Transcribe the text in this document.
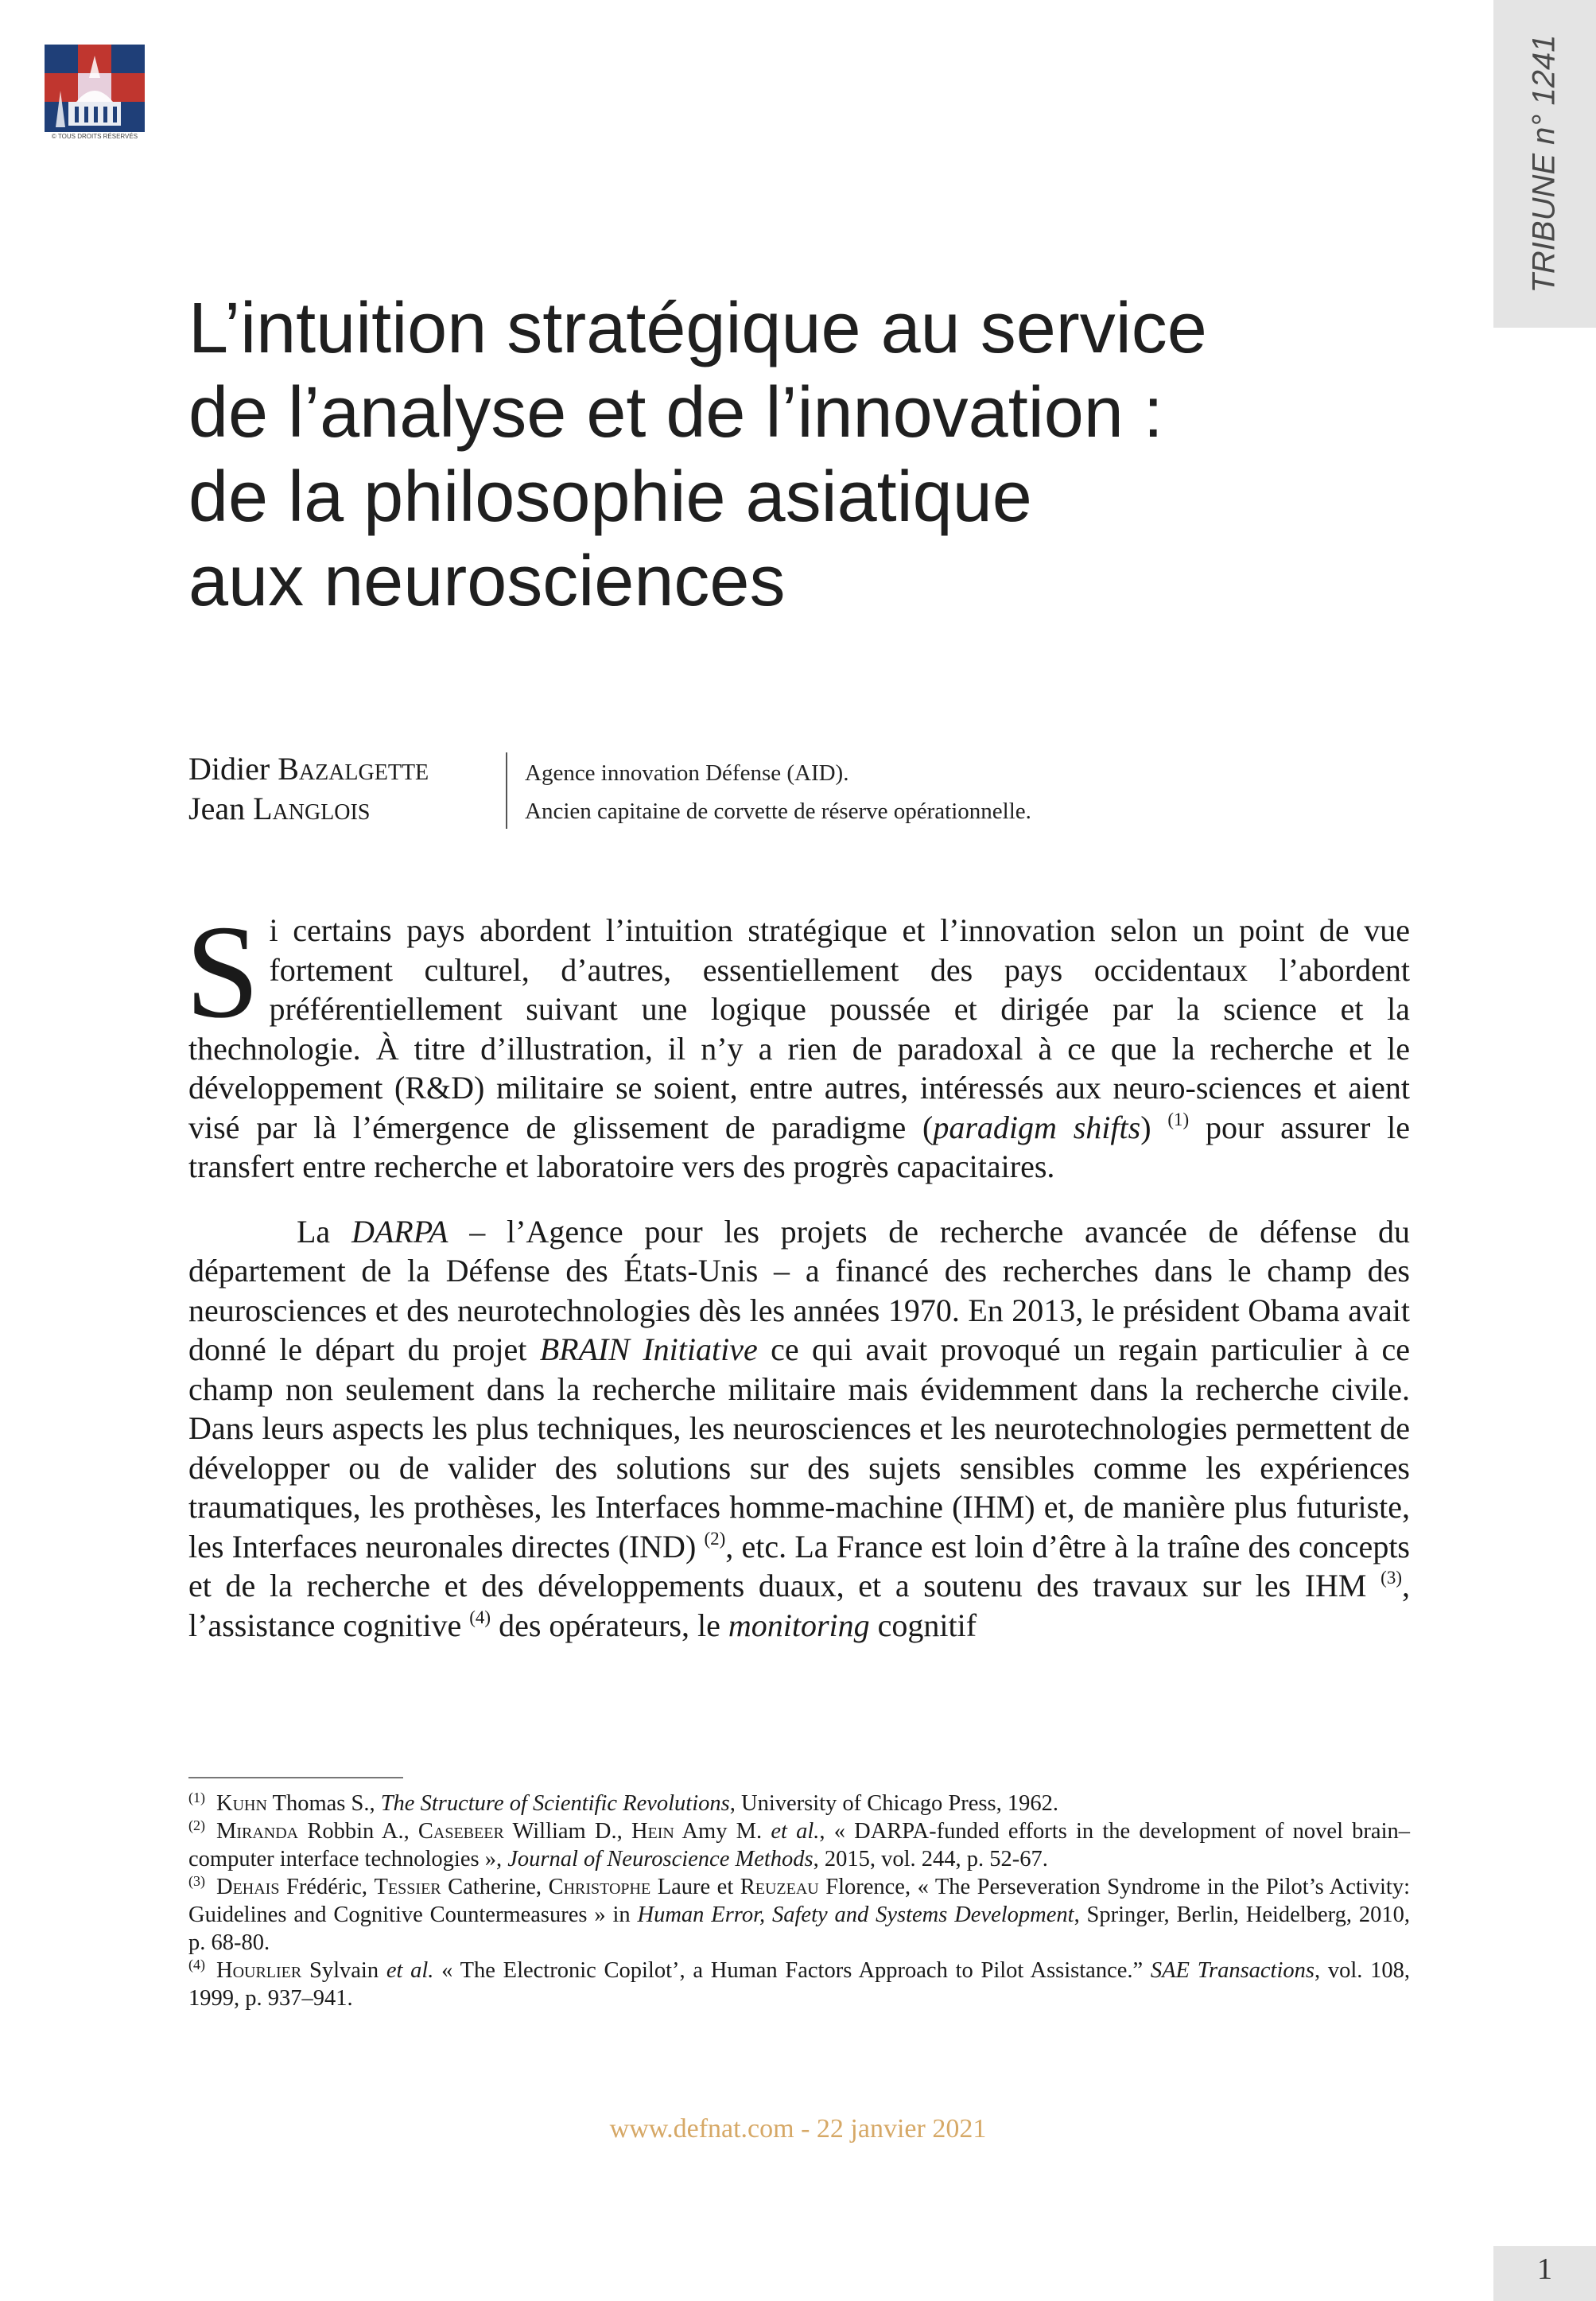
© TOUS DROITS RÉSERVÉS	TRIBUNE n° 1241
L’intuition stratégique au service
de l’analyse et de l’innovation :
de la philosophie asiatique
aux neurosciences
Didier Bazalgette
Jean Langlois
Agence innovation Défense (AID).
Ancien capitaine de corvette de réserve opérationnelle.

Si certains pays abordent l’intuition stratégique et l’innovation selon un point de vue fortement culturel, d’autres, essentiellement des pays occidentaux l’abordent préférentiellement suivant une logique poussée et dirigée par la science et la thechnologie. À titre d’illustration, il n’y a rien de paradoxal à ce que la recherche et le développement (R&D) militaire se soient, entre autres, intéressés aux neuro-sciences et aient visé par là l’émergence de glissement de paradigme (paradigm shifts) $^{(1)}$ pour assurer le transfert entre recherche et laboratoire vers des progrès capacitaires.

La DARPA – l’Agence pour les projets de recherche avancée de défense du département de la Défense des États-Unis – a financé des recherches dans le champ des neurosciences et des neurotechnologies dès les années 1970. En 2013, le président Obama avait donné le départ du projet BRAIN Initiative ce qui avait provoqué un regain particulier à ce champ non seulement dans la recherche militaire mais évidemment dans la recherche civile. Dans leurs aspects les plus techniques, les neurosciences et les neurotechnologies permettent de développer ou de valider des solutions sur des sujets sensibles comme les expériences traumatiques, les prothèses, les Interfaces homme-machine (IHM) et, de manière plus futuriste, les Interfaces neuronales directes (IND) $^{(2)}$, etc. La France est loin d’être à la traîne des concepts et de la recherche et des développements duaux, et a soutenu des travaux sur les IHM $^{(3)}$, l’assistance cognitive $^{(4)}$ des opérateurs, le monitoring cognitif

$^{(1)}$ Kuhn Thomas S., The Structure of Scientific Revolutions, University of Chicago Press, 1962.

$^{(2)}$ Miranda Robbin A., Casebeer William D., Hein Amy M. et al., « DARPA-funded efforts in the development of novel brain–computer interface technologies », Journal of Neuroscience Methods, 2015, vol. 244, p. 52-67.

$^{(3)}$ Dehais Frédéric, Tessier Catherine, Christophe Laure et Reuzeau Florence, « The Perseveration Syndrome in the Pilot’s Activity: Guidelines and Cognitive Countermeasures » in Human Error, Safety and Systems Development, Springer, Berlin, Heidelberg, 2010, p. 68-80.

$^{(4)}$ Hourlier Sylvain et al. « The Electronic Copilot’, a Human Factors Approach to Pilot Assistance.” SAE Transactions, vol. 108, 1999, p. 937–941.

www.defnat.com - 22 janvier 2021
1
